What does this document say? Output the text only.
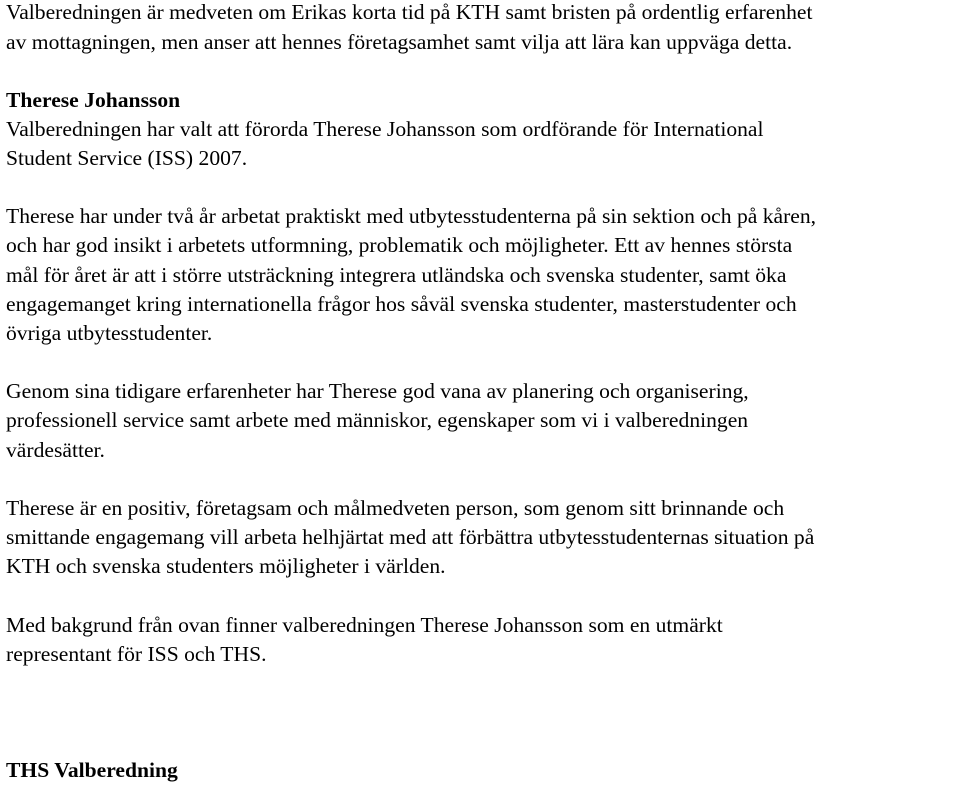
Valberedningen är medveten om Erikas korta tid på KTH samt bristen på ordentlig erfarenhet
av mottagningen, men anser att hennes företagsamhet samt vilja att lära kan uppväga detta.
Therese Johansson
Valberedningen har valt att förorda Therese Johansson som ordförande för International
Student Service (ISS) 2007.
Therese har under två år arbetat praktiskt med utbytesstudenterna på sin sektion och på kåren,
och har god insikt i arbetets utformning, problematik och möjligheter. Ett av hennes största
mål för året är att i större utsträckning integrera utländska och svenska studenter, samt öka
engagemanget kring internationella frågor hos såväl svenska studenter, masterstudenter och
övriga utbytesstudenter.
Genom sina tidigare erfarenheter har Therese god vana av planering och organisering,
professionell service samt arbete med människor, egenskaper som vi i valberedningen
värdesätter.
Therese är en positiv, företagsam och målmedveten person, som genom sitt brinnande och
smittande engagemang vill arbeta helhjärtat med att förbättra utbytesstudenternas situation på
KTH och svenska studenters möjligheter i världen.
Med bakgrund från ovan finner valberedningen Therese Johansson som en utmärkt
representant för ISS och THS.
THS Valberedning
